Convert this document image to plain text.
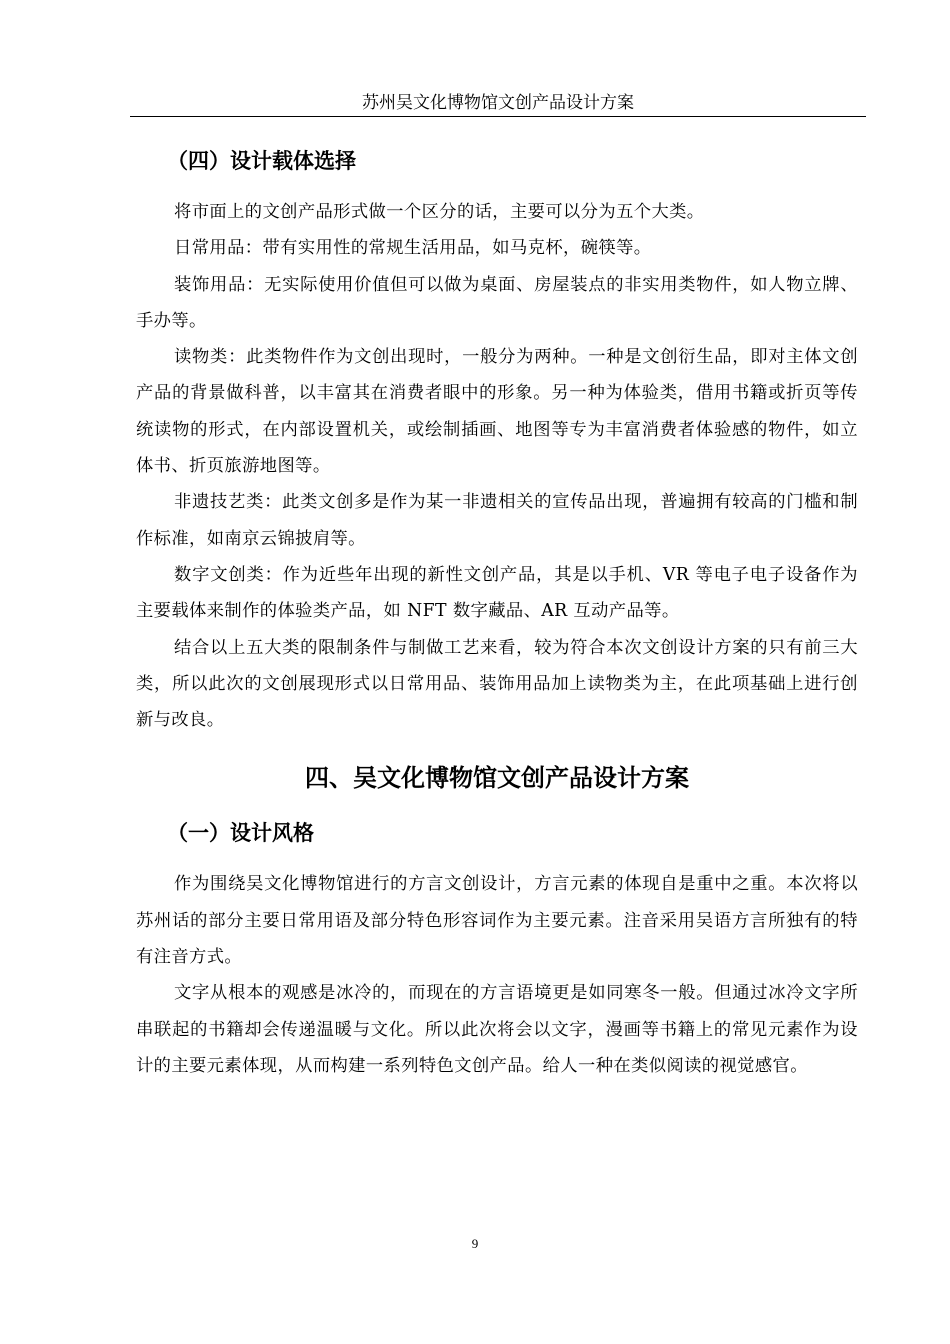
苏州吴文化博物馆文创产品设计方案
（四）设计载体选择

将市面上的文创产品形式做一个区分的话，主要可以分为五个大类。

日常用品：带有实用性的常规生活用品，如马克杯，碗筷等。

装饰用品：无实际使用价值但可以做为桌面、房屋装点的非实用类物件，如人物立牌、手办等。

读物类：此类物件作为文创出现时，一般分为两种。一种是文创衍生品，即对主体文创产品的背景做科普，以丰富其在消费者眼中的形象。另一种为体验类，借用书籍或折页等传统读物的形式，在内部设置机关，或绘制插画、地图等专为丰富消费者体验感的物件，如立体书、折页旅游地图等。

非遗技艺类：此类文创多是作为某一非遗相关的宣传品出现，普遍拥有较高的门槛和制作标准，如南京云锦披肩等。

数字文创类：作为近些年出现的新性文创产品，其是以手机、VR 等电子电子设备作为主要载体来制作的体验类产品，如 NFT 数字藏品、AR 互动产品等。

结合以上五大类的限制条件与制做工艺来看，较为符合本次文创设计方案的只有前三大类，所以此次的文创展现形式以日常用品、装饰用品加上读物类为主，在此项基础上进行创新与改良。

四、吴文化博物馆文创产品设计方案
（一）设计风格

作为围绕吴文化博物馆进行的方言文创设计，方言元素的体现自是重中之重。本次将以苏州话的部分主要日常用语及部分特色形容词作为主要元素。注音采用吴语方言所独有的特有注音方式。

文字从根本的观感是冰冷的，而现在的方言语境更是如同寒冬一般。但通过冰冷文字所串联起的书籍却会传递温暖与文化。所以此次将会以文字，漫画等书籍上的常见元素作为设计的主要元素体现，从而构建一系列特色文创产品。给人一种在类似阅读的视觉感官。

9
